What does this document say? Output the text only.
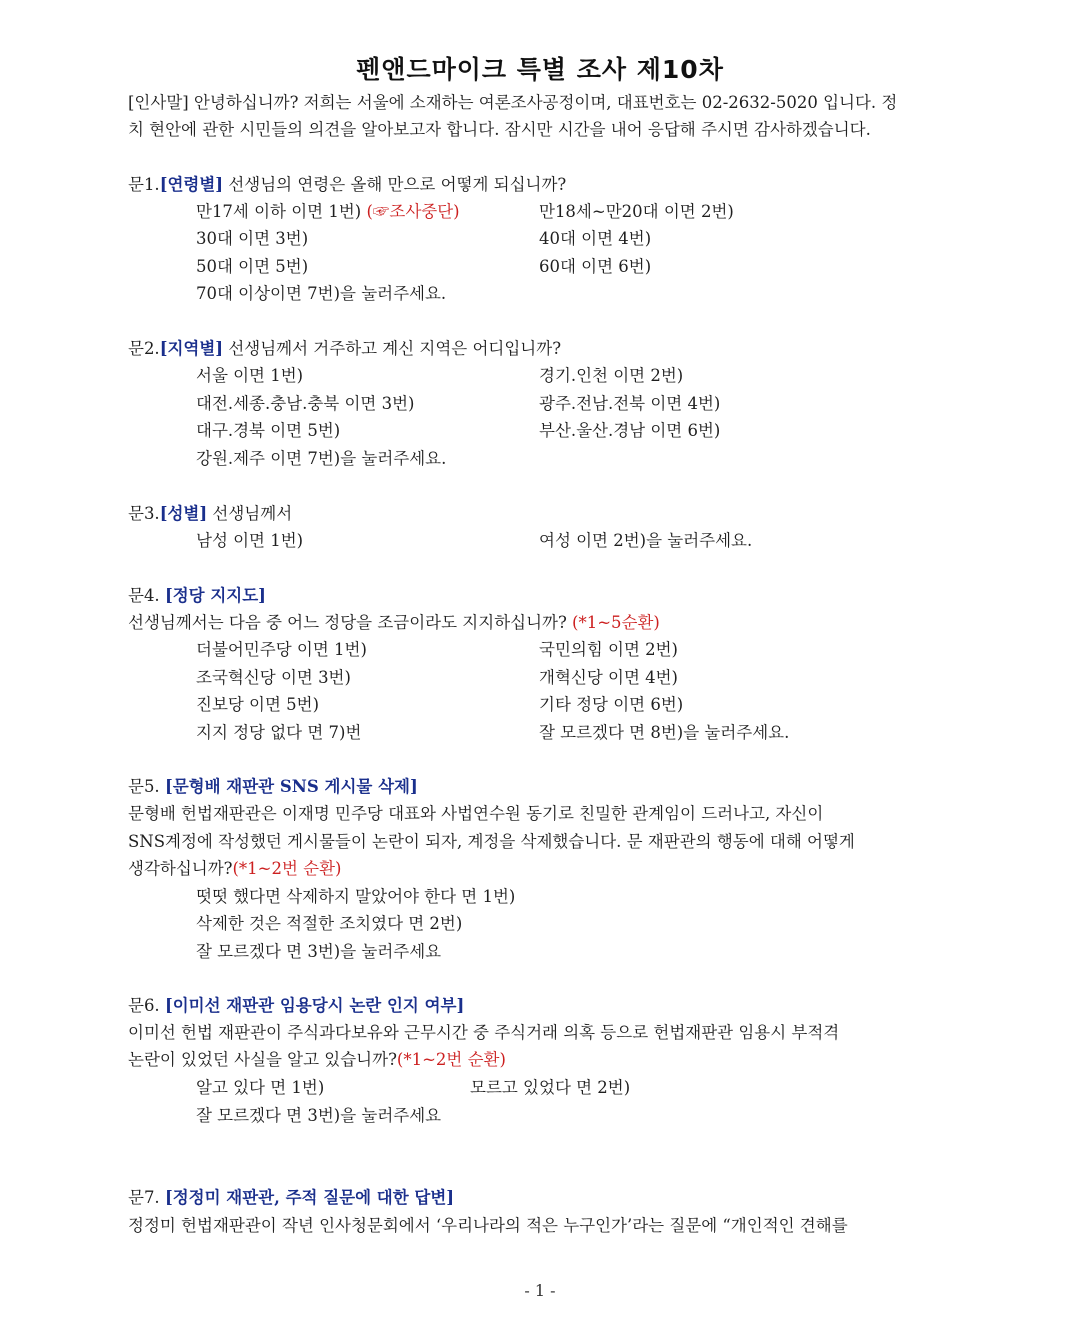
펜앤드마이크 특별 조사 제10차
[인사말] 안녕하십니까? 저희는 서울에 소재하는 여론조사공정이며, 대표번호는 02-2632-5020 입니다. 정
치 현안에 관한 시민들의 의견을 알아보고자 합니다. 잠시만 시간을 내어 응답해 주시면 감사하겠습니다.
문1.[연령별] 선생님의 연령은 올해 만으로 어떻게 되십니까?
만17세 이하 이면 1번) (☞조사중단)	만18세~만20대 이면 2번)
30대 이면 3번)	40대 이면 4번)
50대 이면 5번)	60대 이면 6번)
70대 이상이면 7번)을 눌러주세요.
문2.[지역별] 선생님께서 거주하고 계신 지역은 어디입니까?
서울 이면 1번)	경기.인천 이면 2번)
대전.세종.충남.충북 이면 3번)	광주.전남.전북 이면 4번)
대구.경북 이면 5번)	부산.울산.경남 이면 6번)
강원.제주 이면 7번)을 눌러주세요.
문3.[성별] 선생님께서
남성 이면 1번)	여성 이면 2번)을 눌러주세요.
문4. [정당 지지도]
선생님께서는 다음 중 어느 정당을 조금이라도 지지하십니까? (*1~5순환)
더불어민주당 이면 1번)	국민의힘 이면 2번)
조국혁신당 이면 3번)	개혁신당 이면 4번)
진보당 이면 5번)	기타 정당 이면 6번)
지지 정당 없다 면 7)번	잘 모르겠다 면 8번)을 눌러주세요.
문5. [문형배 재판관 SNS 게시물 삭제]
문형배 헌법재판관은 이재명 민주당 대표와 사법연수원 동기로 친밀한 관계임이 드러나고, 자신이
SNS계정에 작성했던 게시물들이 논란이 되자, 계정을 삭제했습니다. 문 재판관의 행동에 대해 어떻게
생각하십니까?(*1~2번 순환)
떳떳 했다면 삭제하지 말았어야 한다 면 1번)
삭제한 것은 적절한 조치였다 면 2번)
잘 모르겠다 면 3번)을 눌러주세요
문6. [이미선 재판관 임용당시 논란 인지 여부]
이미선 헌법 재판관이 주식과다보유와 근무시간 중 주식거래 의혹 등으로 헌법재판관 임용시 부적격
논란이 있었던 사실을 알고 있습니까?(*1~2번 순환)
알고 있다 면 1번)	모르고 있었다 면 2번)
잘 모르겠다 면 3번)을 눌러주세요
문7. [정정미 재판관, 주적 질문에 대한 답변]
정정미 헌법재판관이 작년 인사청문회에서 ‘우리나라의 적은 누구인가’라는 질문에 “개인적인 견해를
- 1 -
